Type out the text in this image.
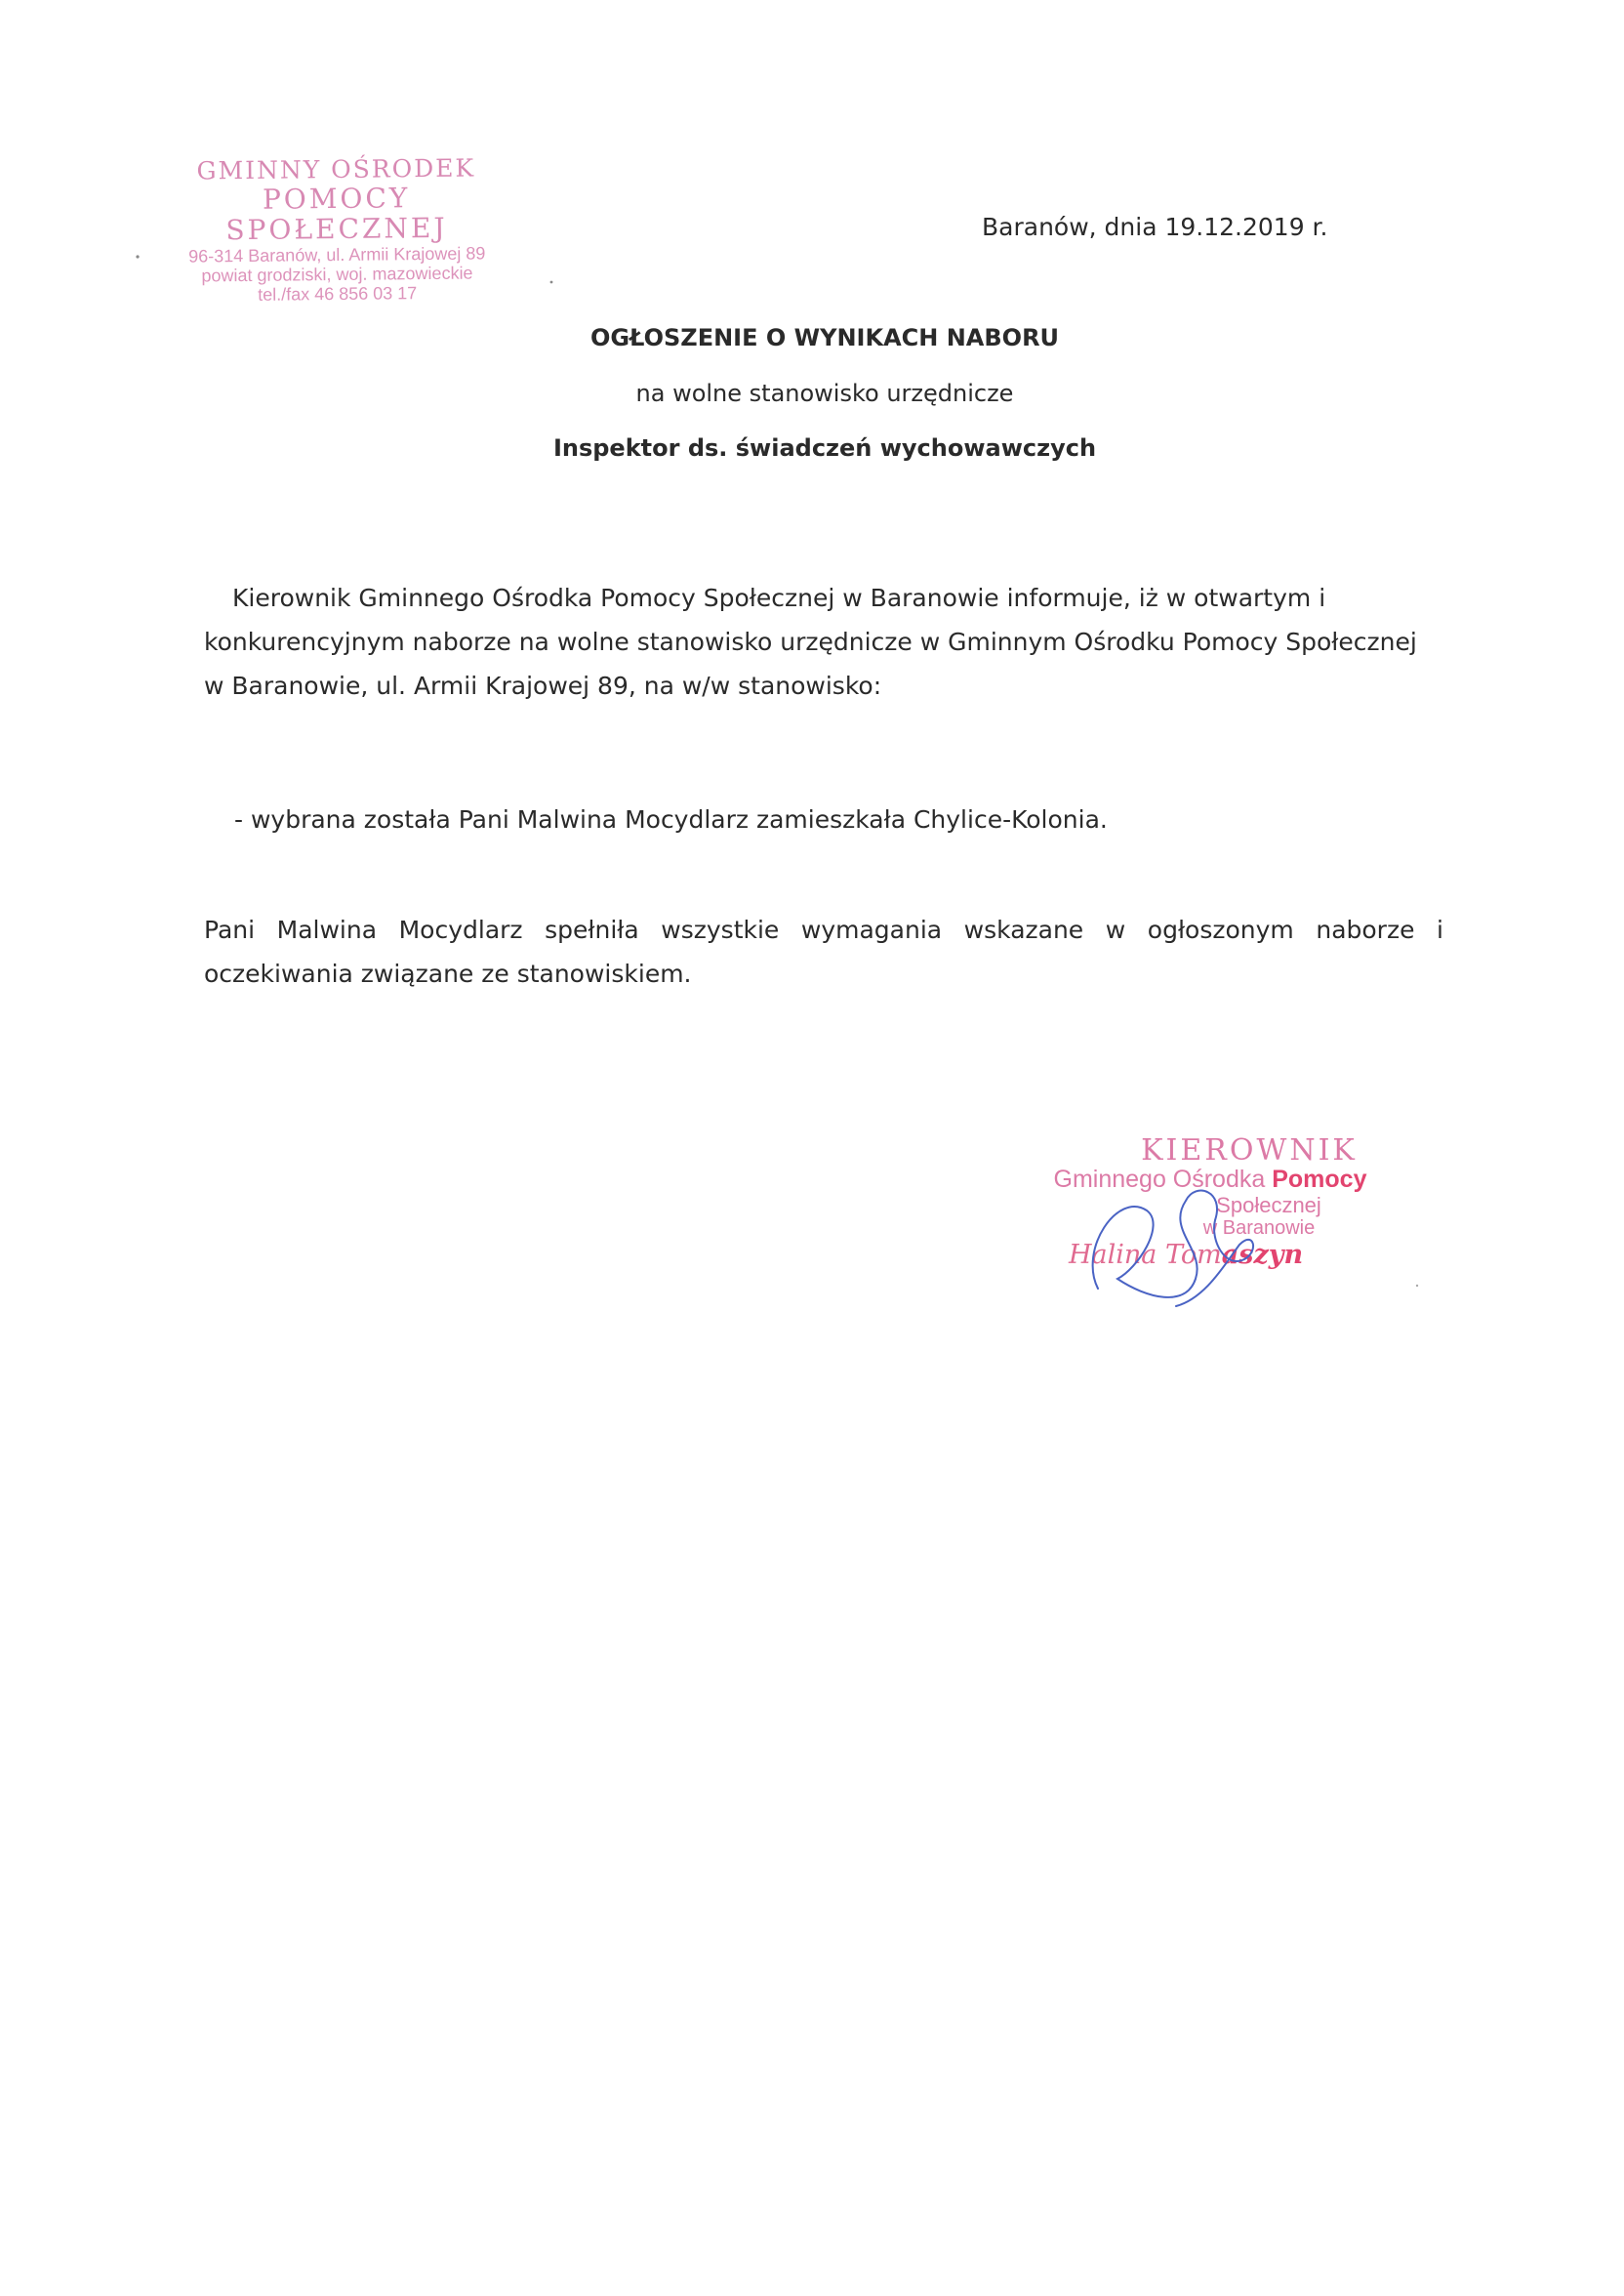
GMINNY OŚRODEK
POMOCY SPOŁECZNEJ
96-314 Baranów, ul. Armii Krajowej 89
powiat grodziski, woj. mazowieckie
tel./fax 46 856 03 17
Baranów, dnia 19.12.2019 r.
OGŁOSZENIE O WYNIKACH NABORU
na wolne stanowisko urzędnicze
Inspektor ds. świadczeń wychowawczych
Kierownik Gminnego Ośrodka Pomocy Społecznej w Baranowie informuje, iż w otwartym i
konkurencyjnym naborze na wolne stanowisko urzędnicze w Gminnym Ośrodku Pomocy Społecznej
w Baranowie, ul. Armii Krajowej 89, na w/w stanowisko:
- wybrana została Pani Malwina Mocydlarz zamieszkała Chylice-Kolonia.
Pani Malwina Mocydlarz spełniła wszystkie wymagania wskazane w ogłoszonym naborze i
oczekiwania związane ze stanowiskiem.
KIEROWNIK
Gminnego Ośrodka Pomocy
Społecznej
w Baranowie
Halina Tomaszyn
